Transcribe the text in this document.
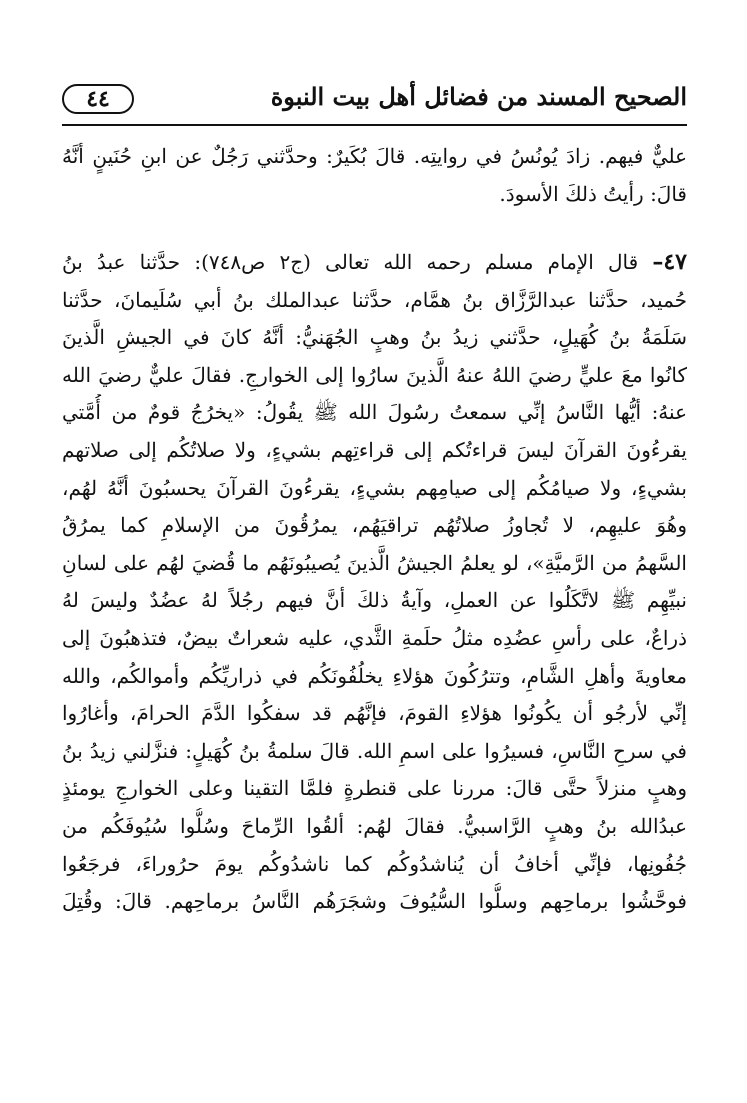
الصحيح المسند من فضائل أهل بيت النبوة
٤٤
عليٌّ فيهم. زادَ يُونُسُ في روايتِه. قالَ بُكَيرٌ: وحدَّثني رَجُلٌ عن ابنِ حُنَينٍ أنَّهُ
قالَ: رأيتُ ذلكَ الأسودَ.
٤٧– قال الإمام مسلم رحمه الله تعالى (ج٢ ص٧٤٨): حدَّثنا عبدُ بنُ
حُميد، حدَّثنا عبدالرَّزَّاق بنُ همَّام، حدَّثنا عبدالملك بنُ أبي سُلَيمانَ، حدَّثنا
سَلَمَةُ بنُ كُهَيلٍ، حدَّثني زيدُ بنُ وهبٍ الجُهَنيُّ: أنَّهُ كانَ في الجيشِ الَّذينَ
كانُوا معَ عليٍّ رضيَ اللهُ عنهُ الَّذينَ سارُوا إلى الخوارجِ. فقالَ عليٌّ رضيَ الله
عنهُ: أيُّها النَّاسُ إنِّي سمعتُ رسُولَ الله ﷺ يقُولُ: «يخرُجُ قومٌ من أُمَّتي
يقرءُونَ القرآنَ ليسَ قراءتُكم إلى قراءتِهم بشيءٍ، ولا صلاتُكُم إلى صلاتهم
بشيءٍ، ولا صيامُكُم إلى صيامِهم بشيءٍ، يقرءُونَ القرآنَ يحسبُونَ أنَّهُ لهُم،
وهُوَ عليهِم، لا تُجاوزُ صلاتُهُم تراقيَهُم، يمرُقُونَ من الإسلامِ كما يمرُقُ
السَّهمُ من الرَّميَّةِ»، لو يعلمُ الجيشُ الَّذينَ يُصيبُونَهُم ما قُضيَ لهُم على لسانِ
نبيِّهِم ﷺ لاتَّكَلُوا عن العملِ، وآيةُ ذلكَ أنَّ فيهم رجُلاً لهُ عضُدٌ وليسَ لهُ
ذراعٌ، على رأسِ عضُدِه مثلُ حلَمةِ الثَّدي، عليه شعراتٌ بيضٌ، فتذهبُونَ إلى
معاويةَ وأهلِ الشَّامِ، وتترُكُونَ هؤلاءِ يخلُفُونَكُم في ذراريِّكُم وأموالكُم، والله
إنِّي لأرجُو أن يكُونُوا هؤلاءِ القومَ، فإنَّهُم قد سفكُوا الدَّمَ الحرامَ، وأغارُوا
في سرحِ النَّاسِ، فسيرُوا على اسمِ الله. قالَ سلمةُ بنُ كُهَيلٍ: فنزَّلني زيدُ بنُ
وهبٍ منزلاً حتَّى قالَ: مررنا على قنطرةٍ فلمَّا التقينا وعلى الخوارجِ يومئذٍ
عبدُالله بنُ وهبٍ الرَّاسبيُّ. فقالَ لهُم: ألقُوا الرِّماحَ وسُلُّوا سُيُوفَكُم من
جُفُونِها، فإنِّي أخافُ أن يُناشدُوكُم كما ناشدُوكُم يومَ حرُوراءَ، فرجَعُوا
فوحَّشُوا برماحِهم وسلُّوا السُّيُوفَ وشجَرَهُم النَّاسُ برماحِهم. قالَ: وقُتِلَ
